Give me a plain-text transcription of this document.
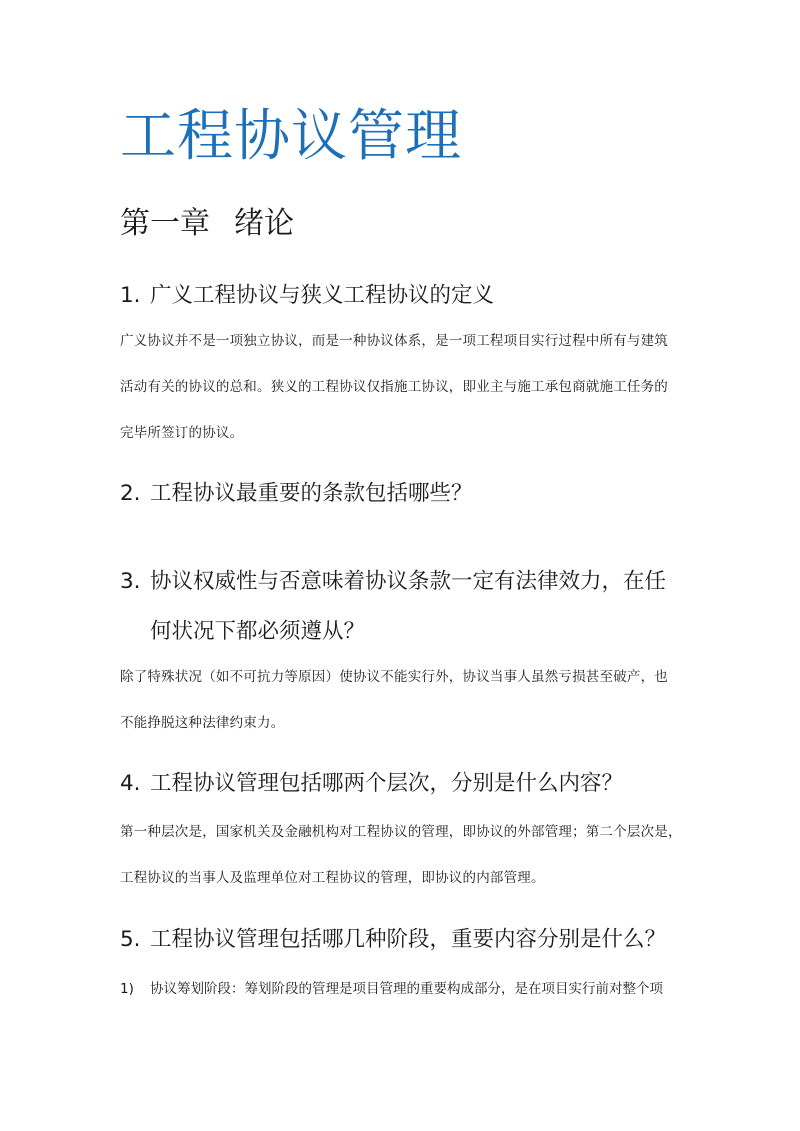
工程协议管理
第一章 绪论
1. 广义工程协议与狭义工程协议的定义
广义协议并不是一项独立协议，而是一种协议体系，是一项工程项目实行过程中所有与建筑
活动有关的协议的总和。狭义的工程协议仅指施工协议，即业主与施工承包商就施工任务的
完毕所签订的协议。
2. 工程协议最重要的条款包括哪些？
3. 协议权威性与否意味着协议条款一定有法律效力，在任
何状况下都必须遵从？
除了特殊状况（如不可抗力等原因）使协议不能实行外，协议当事人虽然亏损甚至破产，也
不能挣脱这种法律约束力。
4. 工程协议管理包括哪两个层次，分别是什么内容？
第一种层次是，国家机关及金融机构对工程协议的管理，即协议的外部管理；第二个层次是，
工程协议的当事人及监理单位对工程协议的管理，即协议的内部管理。
5. 工程协议管理包括哪几种阶段，重要内容分别是什么？
1) 协议筹划阶段：筹划阶段的管理是项目管理的重要构成部分，是在项目实行前对整个项
